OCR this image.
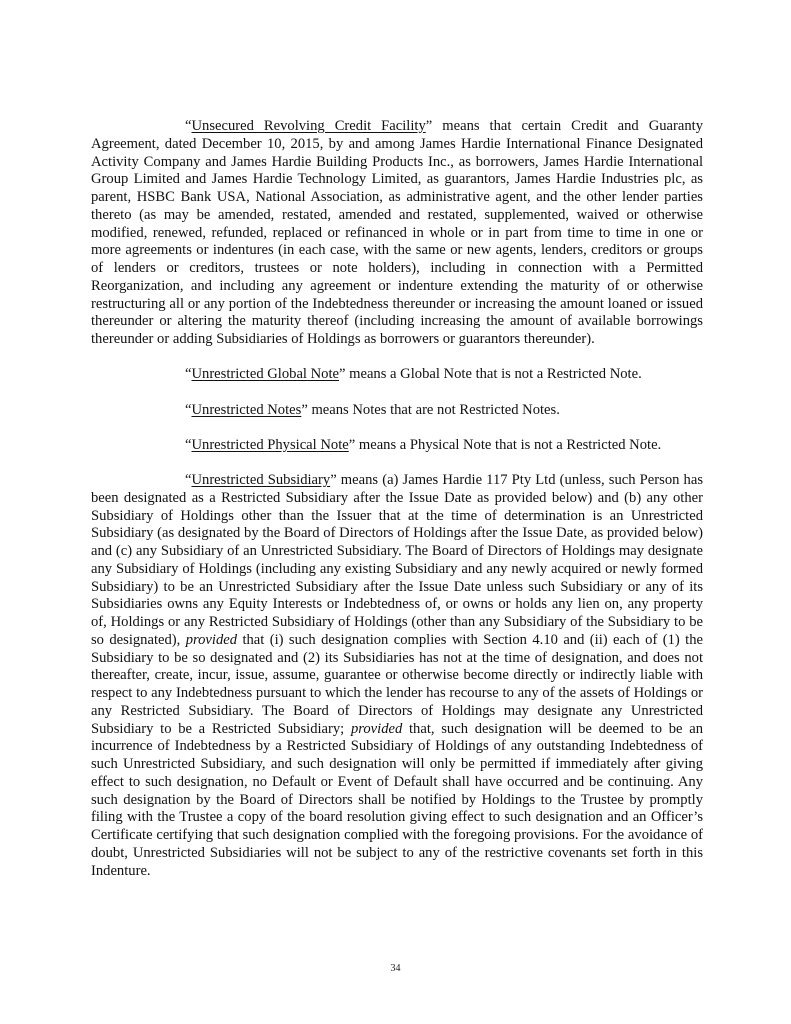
“Unsecured Revolving Credit Facility” means that certain Credit and Guaranty Agreement, dated December 10, 2015, by and among James Hardie International Finance Designated Activity Company and James Hardie Building Products Inc., as borrowers, James Hardie International Group Limited and James Hardie Technology Limited, as guarantors, James Hardie Industries plc, as parent, HSBC Bank USA, National Association, as administrative agent, and the other lender parties thereto (as may be amended, restated, amended and restated, supplemented, waived or otherwise modified, renewed, refunded, replaced or refinanced in whole or in part from time to time in one or more agreements or indentures (in each case, with the same or new agents, lenders, creditors or groups of lenders or creditors, trustees or note holders), including in connection with a Permitted Reorganization, and including any agreement or indenture extending the maturity of or otherwise restructuring all or any portion of the Indebtedness thereunder or increasing the amount loaned or issued thereunder or altering the maturity thereof (including increasing the amount of available borrowings thereunder or adding Subsidiaries of Holdings as borrowers or guarantors thereunder).

“Unrestricted Global Note” means a Global Note that is not a Restricted Note.

“Unrestricted Notes” means Notes that are not Restricted Notes.

“Unrestricted Physical Note” means a Physical Note that is not a Restricted Note.

“Unrestricted Subsidiary” means (a) James Hardie 117 Pty Ltd (unless, such Person has been designated as a Restricted Subsidiary after the Issue Date as provided below) and (b) any other Subsidiary of Holdings other than the Issuer that at the time of determination is an Unrestricted Subsidiary (as designated by the Board of Directors of Holdings after the Issue Date, as provided below) and (c) any Subsidiary of an Unrestricted Subsidiary. The Board of Directors of Holdings may designate any Subsidiary of Holdings (including any existing Subsidiary and any newly acquired or newly formed Subsidiary) to be an Unrestricted Subsidiary after the Issue Date unless such Subsidiary or any of its Subsidiaries owns any Equity Interests or Indebtedness of, or owns or holds any lien on, any property of, Holdings or any Restricted Subsidiary of Holdings (other than any Subsidiary of the Subsidiary to be so designated), provided that (i) such designation complies with Section 4.10 and (ii) each of (1) the Subsidiary to be so designated and (2) its Subsidiaries has not at the time of designation, and does not thereafter, create, incur, issue, assume, guarantee or otherwise become directly or indirectly liable with respect to any Indebtedness pursuant to which the lender has recourse to any of the assets of Holdings or any Restricted Subsidiary. The Board of Directors of Holdings may designate any Unrestricted Subsidiary to be a Restricted Subsidiary; provided that, such designation will be deemed to be an incurrence of Indebtedness by a Restricted Subsidiary of Holdings of any outstanding Indebtedness of such Unrestricted Subsidiary, and such designation will only be permitted if immediately after giving effect to such designation, no Default or Event of Default shall have occurred and be continuing. Any such designation by the Board of Directors shall be notified by Holdings to the Trustee by promptly filing with the Trustee a copy of the board resolution giving effect to such designation and an Officer’s Certificate certifying that such designation complied with the foregoing provisions. For the avoidance of doubt, Unrestricted Subsidiaries will not be subject to any of the restrictive covenants set forth in this Indenture.

34
